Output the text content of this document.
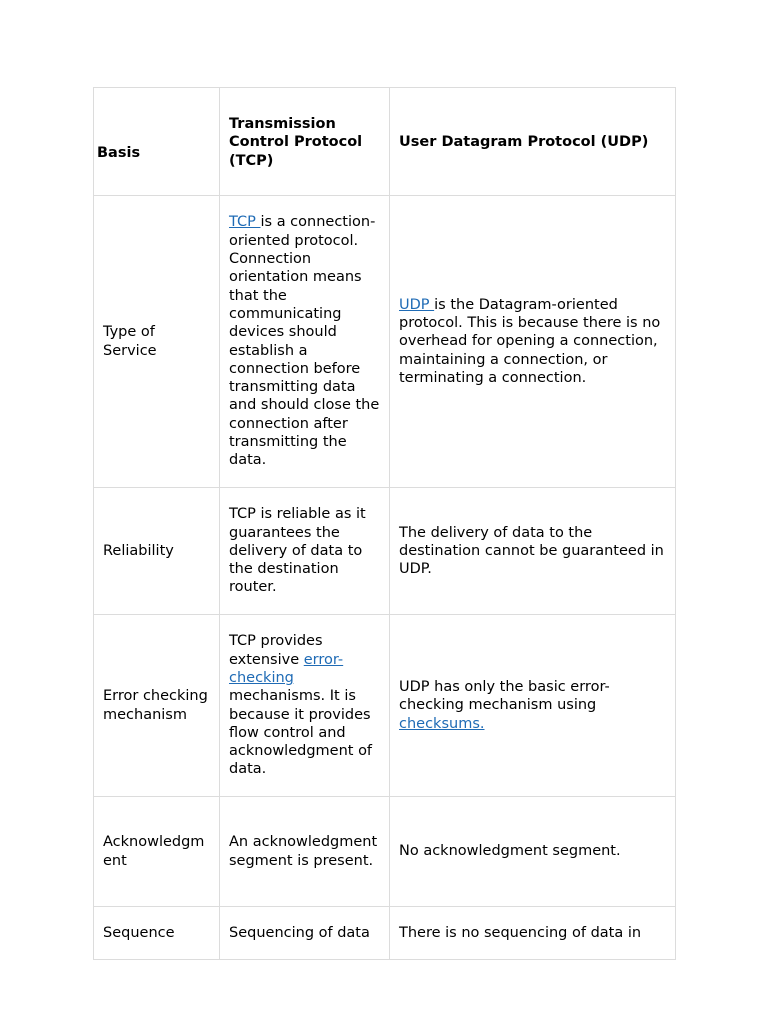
Basis	Transmission Control Protocol (TCP)	User Datagram Protocol (UDP)
Type of Service	TCP is a connection-oriented protocol. Connection orientation means that the communicating devices should establish a connection before transmitting data and should close the connection after transmitting the data.	UDP is the Datagram-oriented protocol. This is because there is no overhead for opening a connection, maintaining a connection, or terminating a connection.
Reliability	TCP is reliable as it guarantees the delivery of data to the destination router.	The delivery of data to the destination cannot be guaranteed in UDP.
Error checking mechanism	TCP provides extensive error-checking mechanisms. It is because it provides flow control and acknowledgment of data.	UDP has only the basic error-checking mechanism using checksums.
Acknowledgment	An acknowledgment segment is present.	No acknowledgment segment.
Sequence	Sequencing of data	There is no sequencing of data in
